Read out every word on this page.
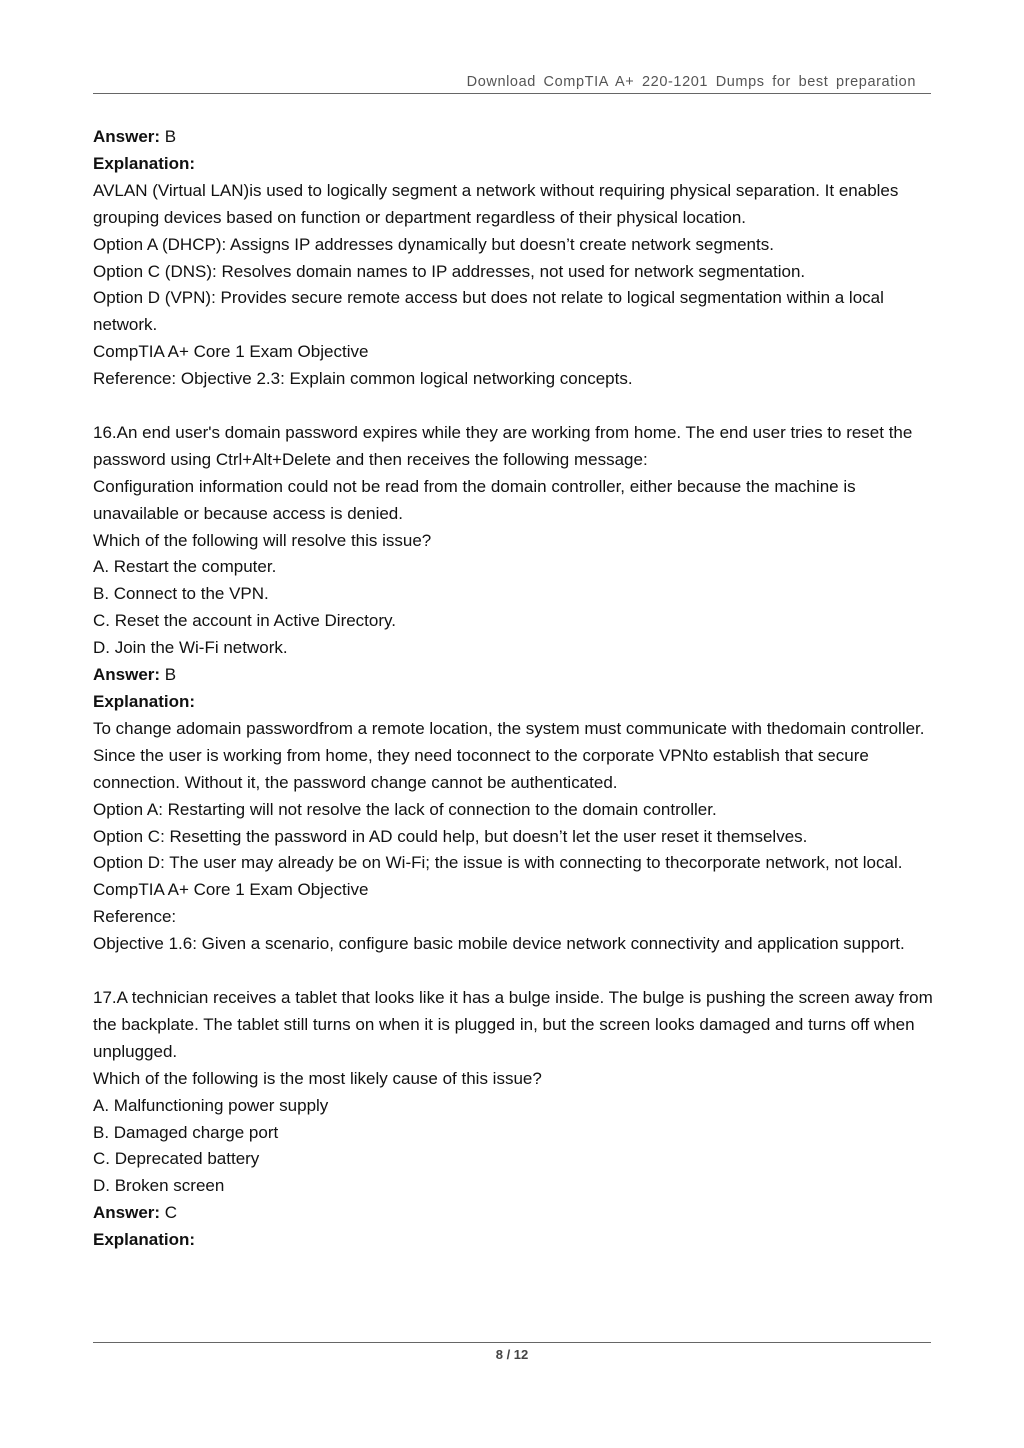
Download CompTIA A+ 220-1201 Dumps for best preparation
Answer: B
Explanation:
AVLAN (Virtual LAN)is used to logically segment a network without requiring physical separation. It enables grouping devices based on function or department regardless of their physical location.
Option A (DHCP): Assigns IP addresses dynamically but doesn’t create network segments.
Option C (DNS): Resolves domain names to IP addresses, not used for network segmentation.
Option D (VPN): Provides secure remote access but does not relate to logical segmentation within a local network.
CompTIA A+ Core 1 Exam Objective
Reference: Objective 2.3: Explain common logical networking concepts.
16.An end user's domain password expires while they are working from home. The end user tries to reset the password using Ctrl+Alt+Delete and then receives the following message:
Configuration information could not be read from the domain controller, either because the machine is unavailable or because access is denied.
Which of the following will resolve this issue?
A. Restart the computer.
B. Connect to the VPN.
C. Reset the account in Active Directory.
D. Join the Wi-Fi network.
Answer: B
Explanation:
To change adomain passwordfrom a remote location, the system must communicate with thedomain controller. Since the user is working from home, they need toconnect to the corporate VPNto establish that secure connection. Without it, the password change cannot be authenticated.
Option A: Restarting will not resolve the lack of connection to the domain controller.
Option C: Resetting the password in AD could help, but doesn’t let the user reset it themselves.
Option D: The user may already be on Wi-Fi; the issue is with connecting to thecorporate network, not local.
CompTIA A+ Core 1 Exam Objective
Reference:
Objective 1.6: Given a scenario, configure basic mobile device network connectivity and application support.
17.A technician receives a tablet that looks like it has a bulge inside. The bulge is pushing the screen away from the backplate. The tablet still turns on when it is plugged in, but the screen looks damaged and turns off when unplugged.
Which of the following is the most likely cause of this issue?
A. Malfunctioning power supply
B. Damaged charge port
C. Deprecated battery
D. Broken screen
Answer: C
Explanation:
8 / 12
